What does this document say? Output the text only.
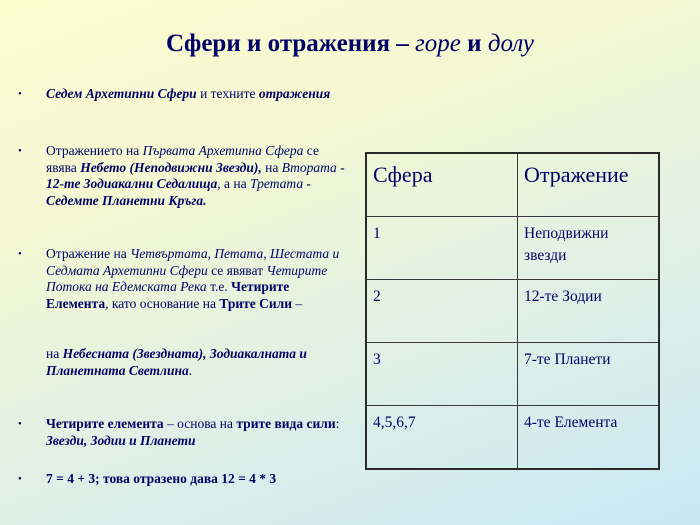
Сфери и отражения – горе и долу
• Седем Архетипни Сфери и техните отражения
• Отражението на Първата Архетипна Сфера се явява Небето (Неподвижни Звезди), на Втората - 12-те Зодиакални Седалища, а на Третата - Седемте Планетни Кръга.
• Отражение на Четвъртата, Петата, Шестата и Седмата Архетипни Сфери се явяват Четирите Потока на Едемската Река т.е. Четирите Елемента, като основание на Трите Сили –
на Небесната (Звездната), Зодиакалната и Планетната Светлина.
• Четирите елемента – основа на трите вида сили: Звезди, Зодии и Планети
• 7 = 4 + 3; това отразено дава 12 = 4 * 3
Сфера	Отражение
1	Неподвижни звезди
2	12-те Зодии
3	7-те Планети
4,5,6,7	4-те Елемента
